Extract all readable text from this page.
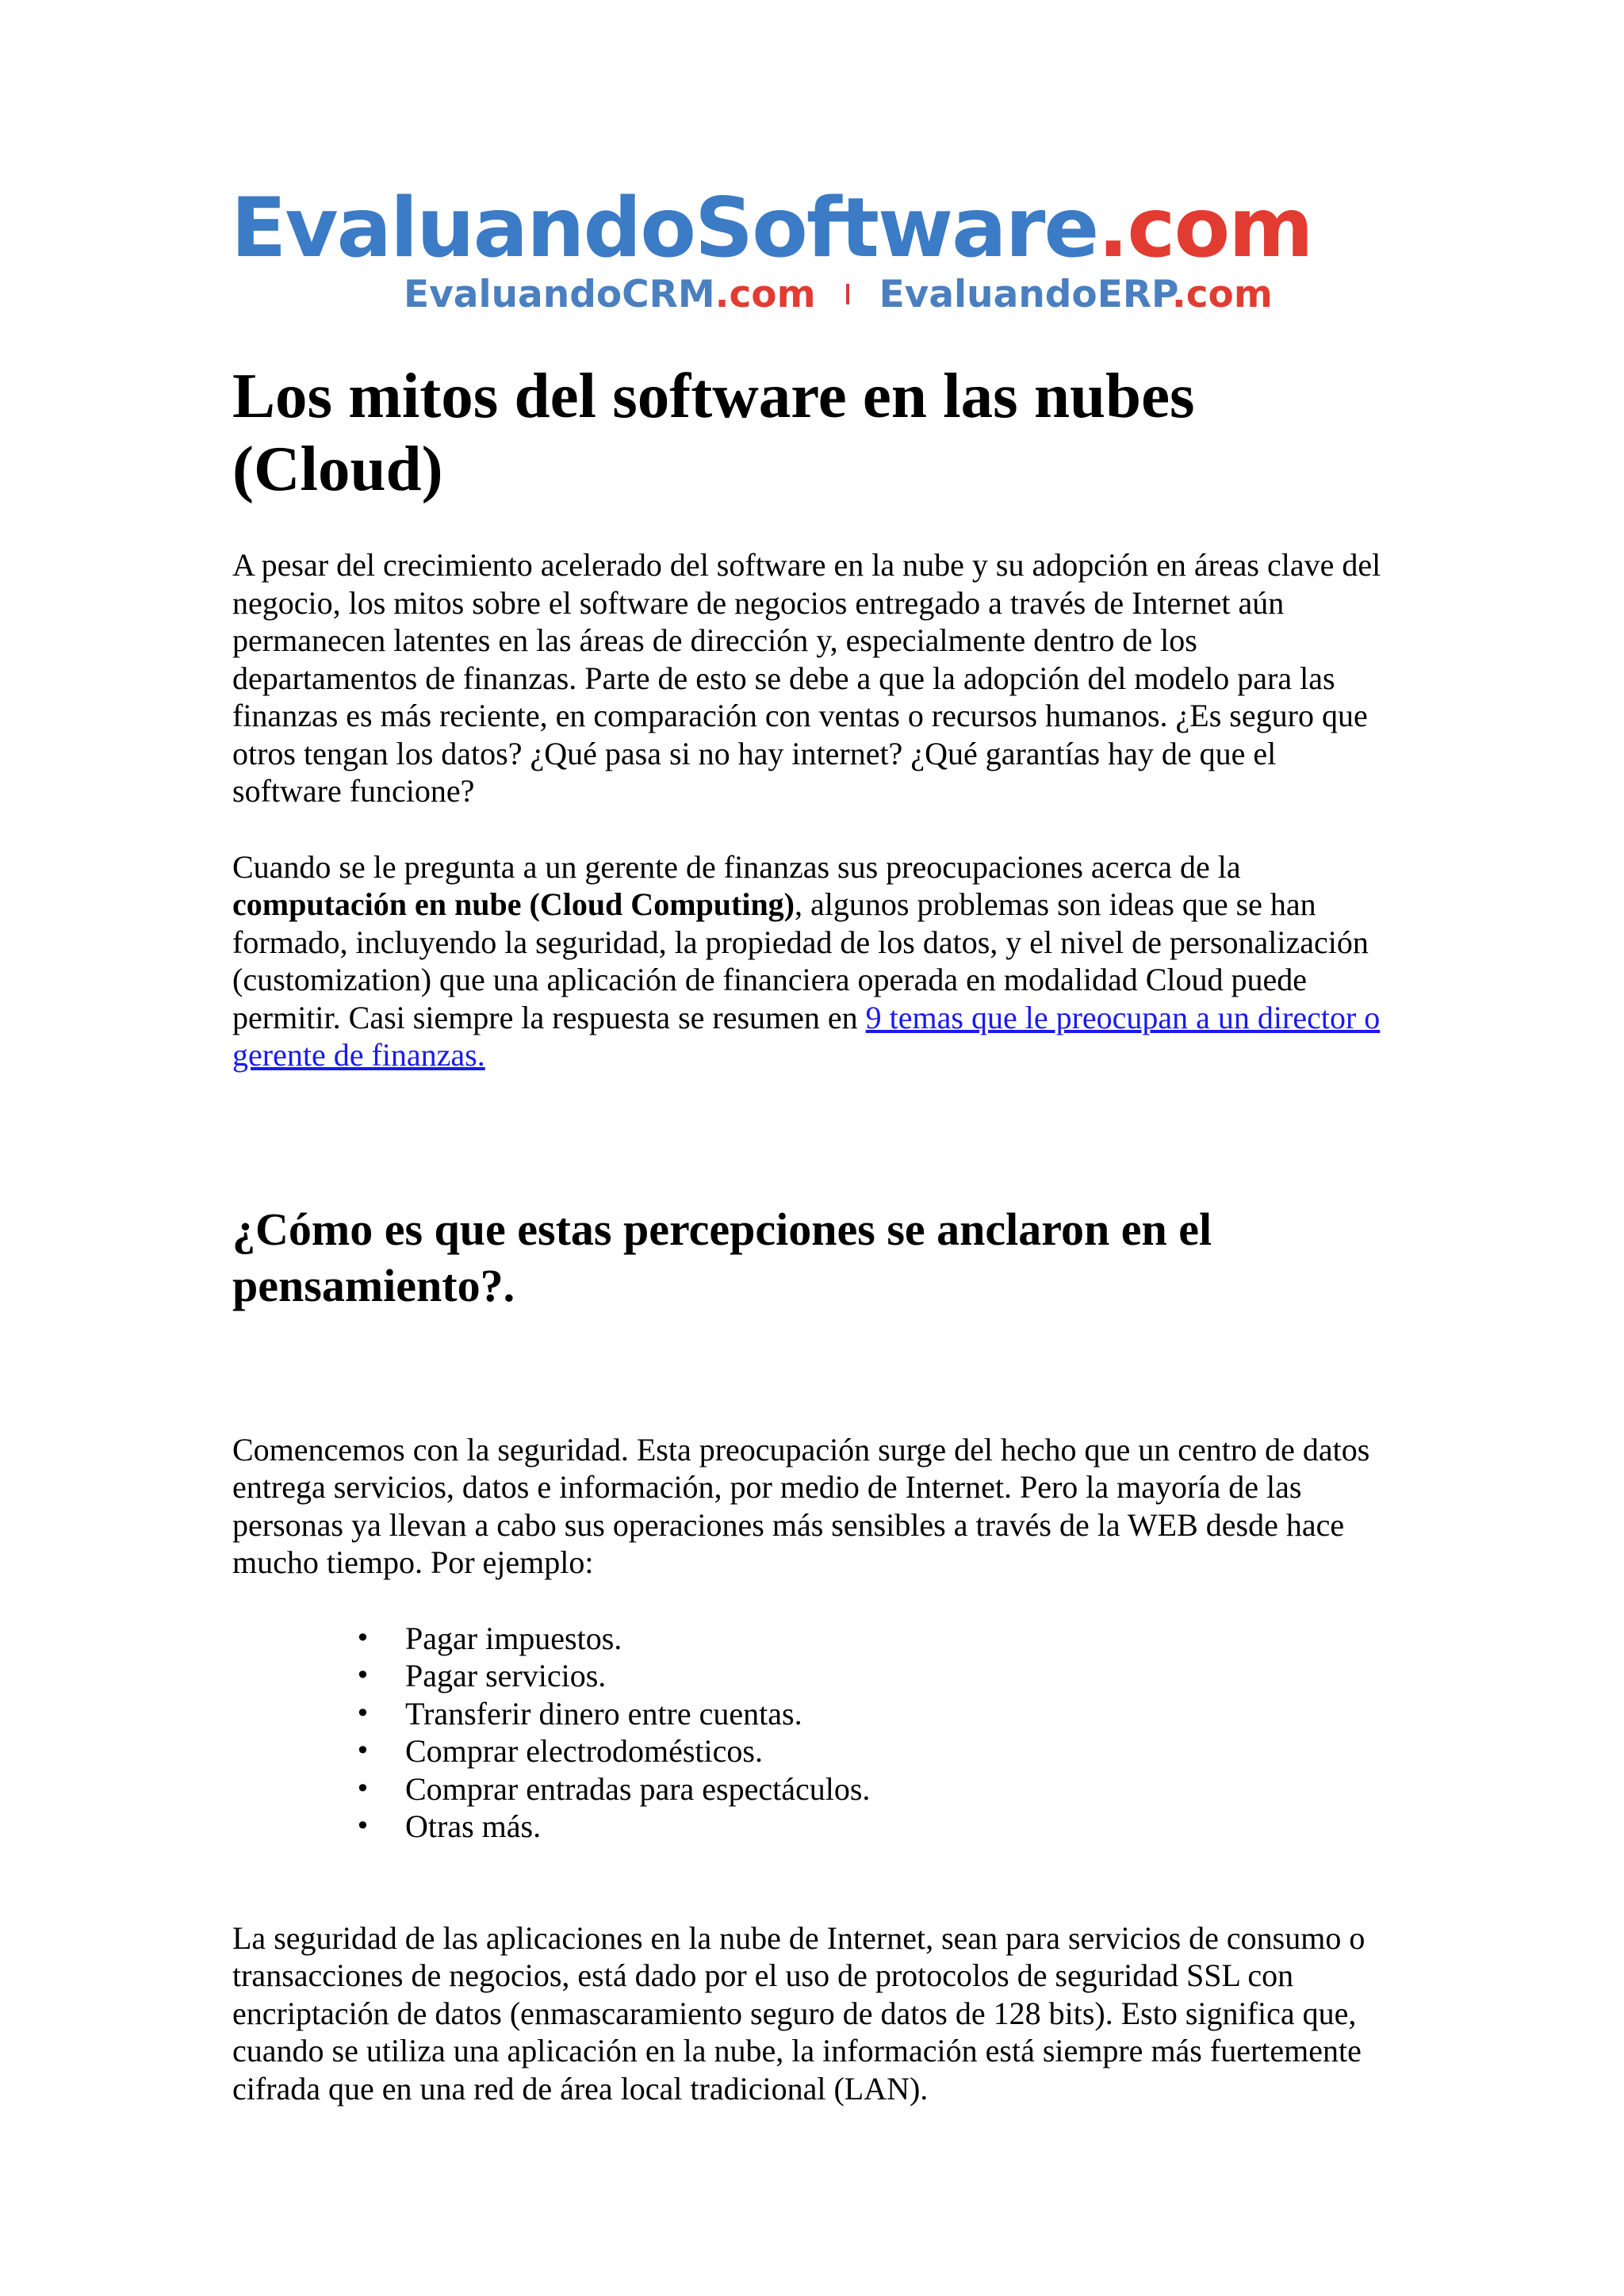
EvaluandoSoftware.com
EvaluandoCRM.com EvaluandoERP.com
Los mitos del software en las nubes
(Cloud)

A pesar del crecimiento acelerado del software en la nube y su adopción en áreas clave del negocio, los mitos sobre el software de negocios entregado a través de Internet aún permanecen latentes en las áreas de dirección y, especialmente dentro de los departamentos de finanzas. Parte de esto se debe a que la adopción del modelo para las finanzas es más reciente, en comparación con ventas o recursos humanos. ¿Es seguro que otros tengan los datos? ¿Qué pasa si no hay internet? ¿Qué garantías hay de que el software funcione?

Cuando se le pregunta a un gerente de finanzas sus preocupaciones acerca de la computación en nube (Cloud Computing), algunos problemas son ideas que se han formado, incluyendo la seguridad, la propiedad de los datos, y el nivel de personalización (customization) que una aplicación de financiera operada en modalidad Cloud puede permitir. Casi siempre la respuesta se resumen en 9 temas que le preocupan a un director o gerente de finanzas.

¿Cómo es que estas percepciones se anclaron en el
pensamiento?.

Comencemos con la seguridad. Esta preocupación surge del hecho que un centro de datos entrega servicios, datos e información, por medio de Internet. Pero la mayoría de las personas ya llevan a cabo sus operaciones más sensibles a través de la WEB desde hace mucho tiempo. Por ejemplo:

• Pagar impuestos.
• Pagar servicios.
• Transferir dinero entre cuentas.
• Comprar electrodomésticos.
• Comprar entradas para espectáculos.
• Otras más.

La seguridad de las aplicaciones en la nube de Internet, sean para servicios de consumo o transacciones de negocios, está dado por el uso de protocolos de seguridad SSL con encriptación de datos (enmascaramiento seguro de datos de 128 bits). Esto significa que, cuando se utiliza una aplicación en la nube, la información está siempre más fuertemente cifrada que en una red de área local tradicional (LAN).
